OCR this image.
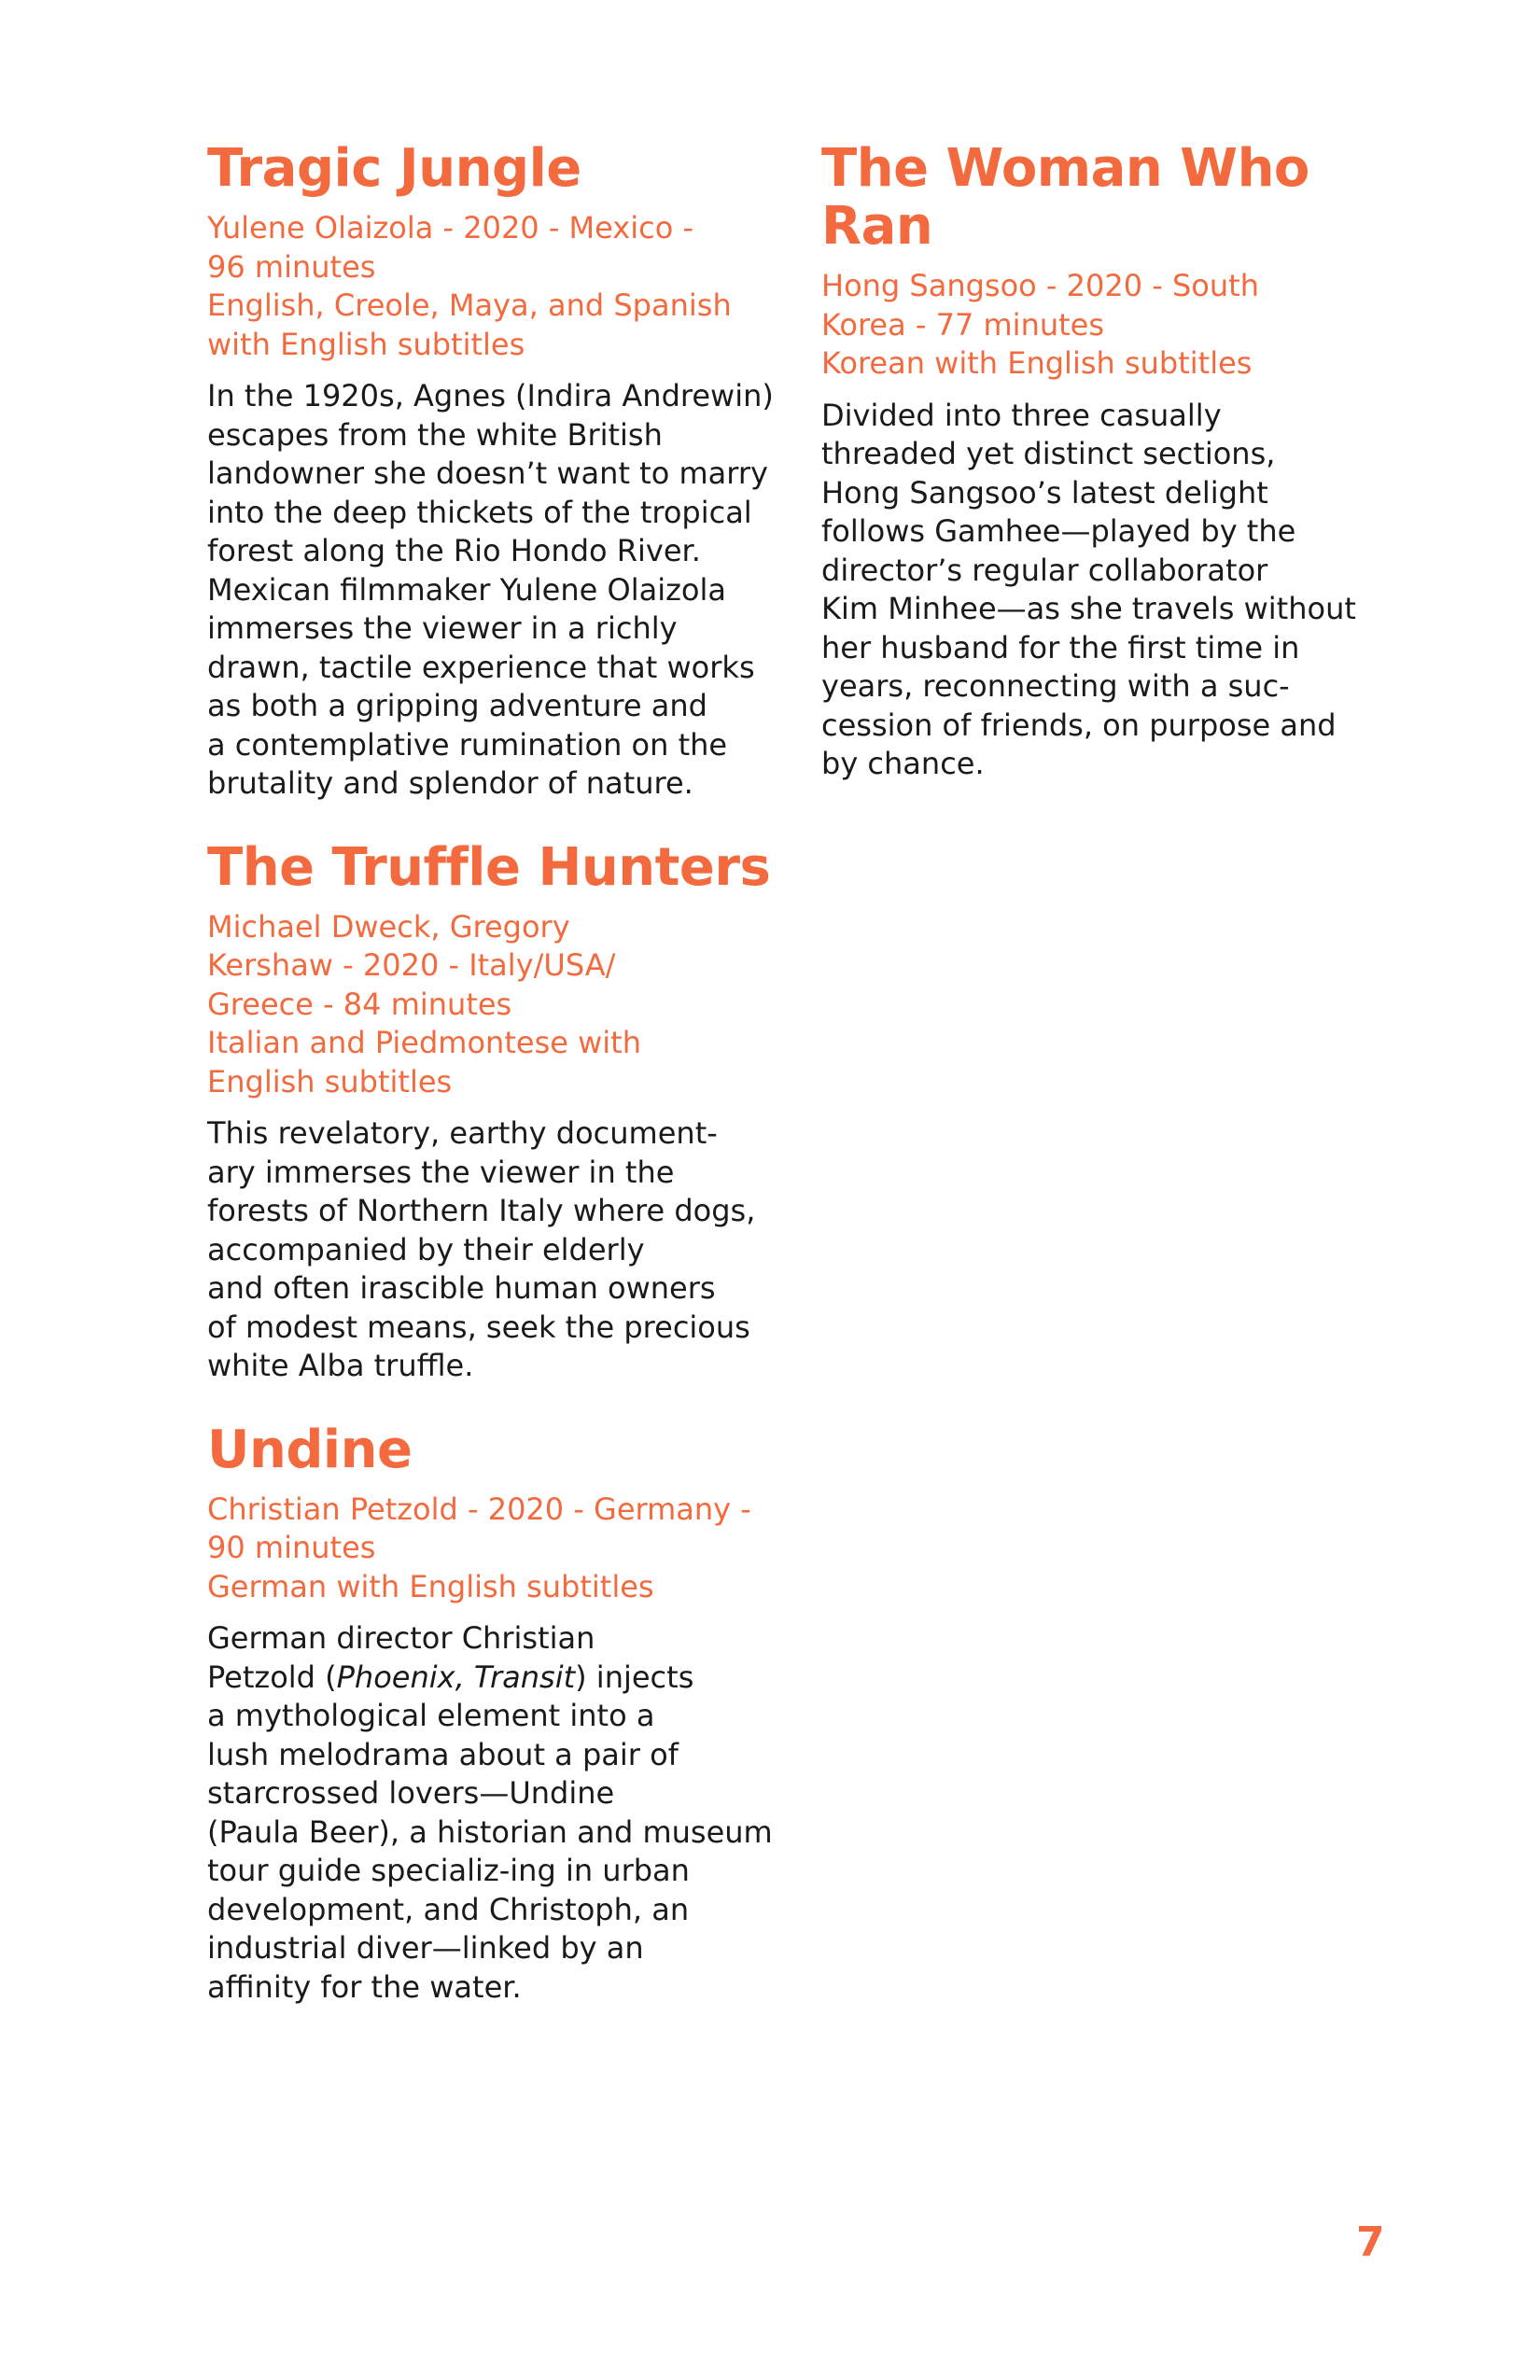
Tragic Jungle
Yulene Olaizola - 2020 - Mexico -
96 minutes
English, Creole, Maya, and Spanish
with English subtitles

In the 1920s, Agnes (Indira Andrewin)
escapes from the white British
landowner she doesn’t want to marry
into the deep thickets of the tropical
forest along the Rio Hondo River.
Mexican filmmaker Yulene Olaizola
immerses the viewer in a richly
drawn, tactile experience that works
as both a gripping adventure and
a contemplative rumination on the
brutality and splendor of nature.

The Truffle Hunters
Michael Dweck, Gregory
Kershaw - 2020 - Italy/USA/
Greece - 84 minutes
Italian and Piedmontese with
English subtitles

This revelatory, earthy document-
ary immerses the viewer in the
forests of Northern Italy where dogs,
accompanied by their elderly
and often irascible human owners
of modest means, seek the precious
white Alba truffle.

Undine
Christian Petzold - 2020 - Germany -
90 minutes
German with English subtitles

German director Christian
Petzold (Phoenix, Transit) injects
a mythological element into a
lush melodrama about a pair of
starcrossed lovers—Undine
(Paula Beer), a historian and museum
tour guide specializ-ing in urban
development, and Christoph, an
industrial diver—linked by an
affinity for the water.

The Woman Who
Ran
Hong Sangsoo - 2020 - South
Korea - 77 minutes
Korean with English subtitles

Divided into three casually
threaded yet distinct sections,
Hong Sangsoo’s latest delight
follows Gamhee—played by the
director’s regular collaborator
Kim Minhee—as she travels without
her husband for the first time in
years, reconnecting with a suc-
cession of friends, on purpose and
by chance.

7
